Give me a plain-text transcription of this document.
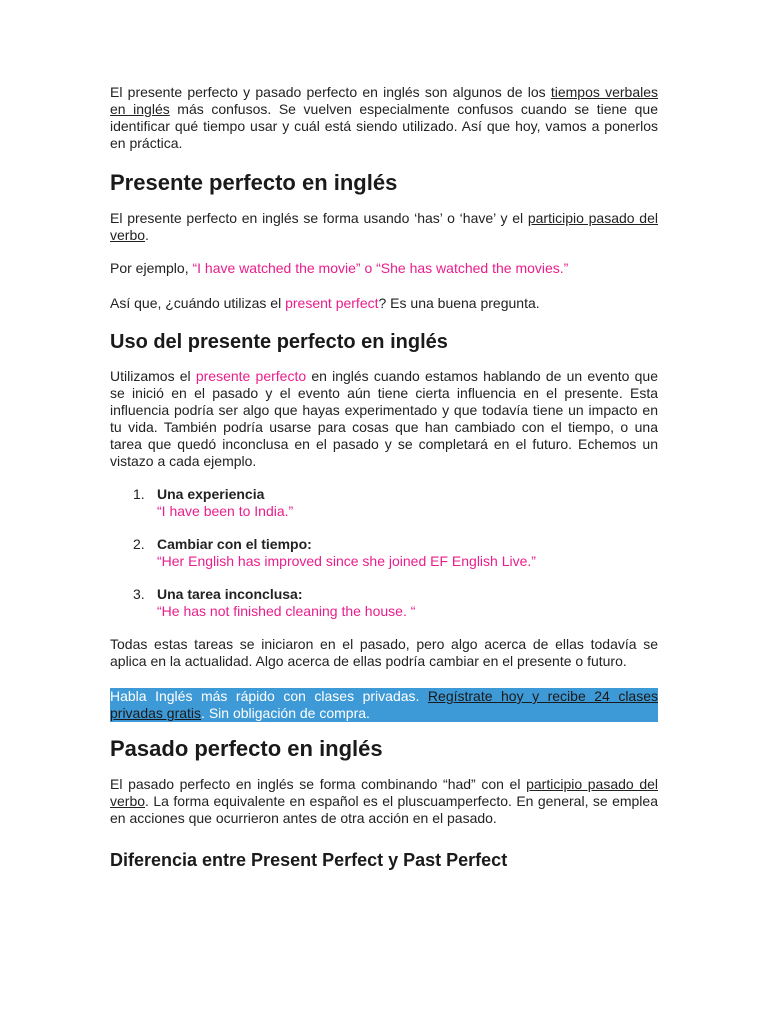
El presente perfecto y pasado perfecto en inglés son algunos de los tiempos verbales en inglés más confusos. Se vuelven especialmente confusos cuando se tiene que identificar qué tiempo usar y cuál está siendo utilizado. Así que hoy, vamos a ponerlos en práctica.

Presente perfecto en inglés

El presente perfecto en inglés se forma usando ‘has’ o ‘have’ y el participio pasado del verbo.

Por ejemplo, “I have watched the movie” o “She has watched the movies.”

Así que, ¿cuándo utilizas el present perfect? Es una buena pregunta.

Uso del presente perfecto en inglés

Utilizamos el presente perfecto en inglés cuando estamos hablando de un evento que se inició en el pasado y el evento aún tiene cierta influencia en el presente. Esta influencia podría ser algo que hayas experimentado y que todavía tiene un impacto en tu vida. También podría usarse para cosas que han cambiado con el tiempo, o una tarea que quedó inconclusa en el pasado y se completará en el futuro. Echemos un vistazo a cada ejemplo.

1. Una experiencia
“I have been to India.”
2. Cambiar con el tiempo:
“Her English has improved since she joined EF English Live.”
3. Una tarea inconclusa:
“He has not finished cleaning the house. “

Todas estas tareas se iniciaron en el pasado, pero algo acerca de ellas todavía se aplica en la actualidad. Algo acerca de ellas podría cambiar en el presente o futuro.

Habla Inglés más rápido con clases privadas. Regístrate hoy y recibe 24 clases privadas gratis. Sin obligación de compra.

Pasado perfecto en inglés

El pasado perfecto en inglés se forma combinando “had” con el participio pasado del verbo. La forma equivalente en español es el pluscuamperfecto. En general, se emplea en acciones que ocurrieron antes de otra acción en el pasado.

Diferencia entre Present Perfect y Past Perfect
